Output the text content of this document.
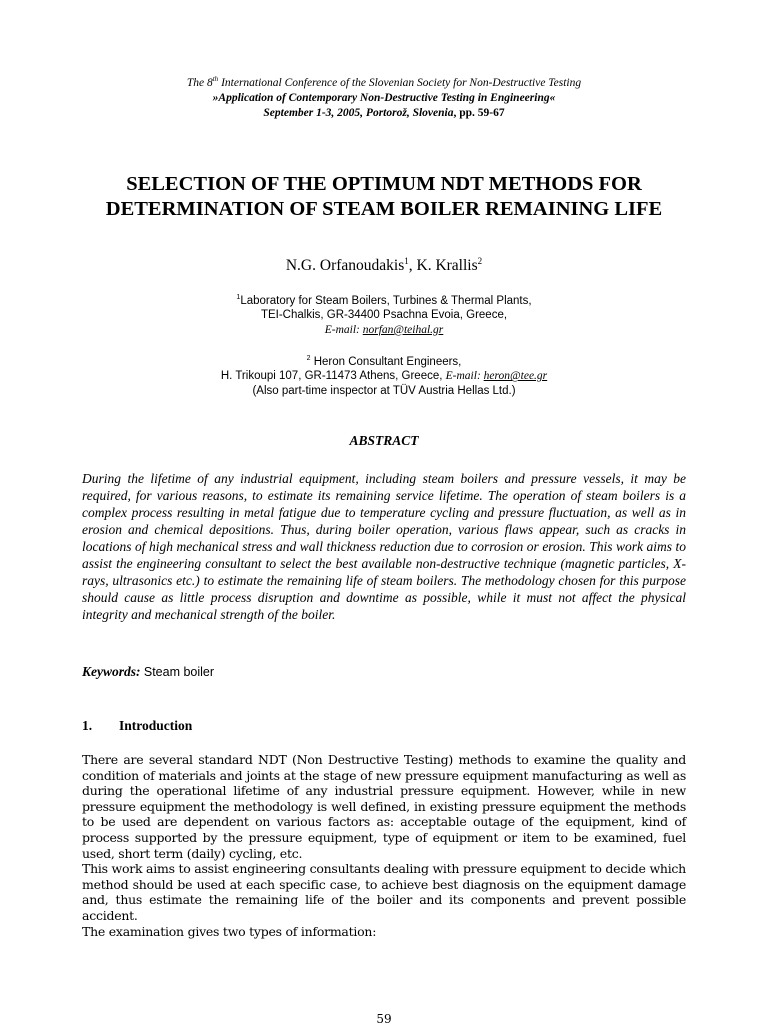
The 8th International Conference of the Slovenian Society for Non-Destructive Testing
»Application of Contemporary Non-Destructive Testing in Engineering«
September 1-3, 2005, Portorož, Slovenia, pp. 59-67
SELECTION OF THE OPTIMUM NDT METHODS FOR
DETERMINATION OF STEAM BOILER REMAINING LIFE
N.G. Orfanoudakis$^1$, K. Krallis$^2$
$^1$Laboratory for Steam Boilers, Turbines & Thermal Plants,
TEI-Chalkis, GR-34400 Psachna Evoia, Greece,
E-mail: norfan@teihal.gr
$^2$ Heron Consultant Engineers,
H. Trikoupi 107, GR-11473 Athens, Greece, E-mail: heron@tee.gr
(Also part-time inspector at TÜV Austria Hellas Ltd.)
ABSTRACT

During the lifetime of any industrial equipment, including steam boilers and pressure vessels, it may be required, for various reasons, to estimate its remaining service lifetime. The operation of steam boilers is a complex process resulting in metal fatigue due to temperature cycling and pressure fluctuation, as well as in erosion and chemical depositions. Thus, during boiler operation, various flaws appear, such as cracks in locations of high mechanical stress and wall thickness reduction due to corrosion or erosion. This work aims to assist the engineering consultant to select the best available non-destructive technique (magnetic particles, X-rays, ultrasonics etc.) to estimate the remaining life of steam boilers. The methodology chosen for this purpose should cause as little process disruption and downtime as possible, while it must not affect the physical integrity and mechanical strength of the boiler.

Keywords: Steam boiler
1. Introduction

There are several standard NDT (Non Destructive Testing) methods to examine the quality and condition of materials and joints at the stage of new pressure equipment manufacturing as well as during the operational lifetime of any industrial pressure equipment. However, while in new pressure equipment the methodology is well defined, in existing pressure equipment the methods to be used are dependent on various factors as: acceptable outage of the equipment, kind of process supported by the pressure equipment, type of equipment or item to be examined, fuel used, short term (daily) cycling, etc.

This work aims to assist engineering consultants dealing with pressure equipment to decide which method should be used at each specific case, to achieve best diagnosis on the equipment damage and, thus estimate the remaining life of the boiler and its components and prevent possible accident.

The examination gives two types of information:

59
